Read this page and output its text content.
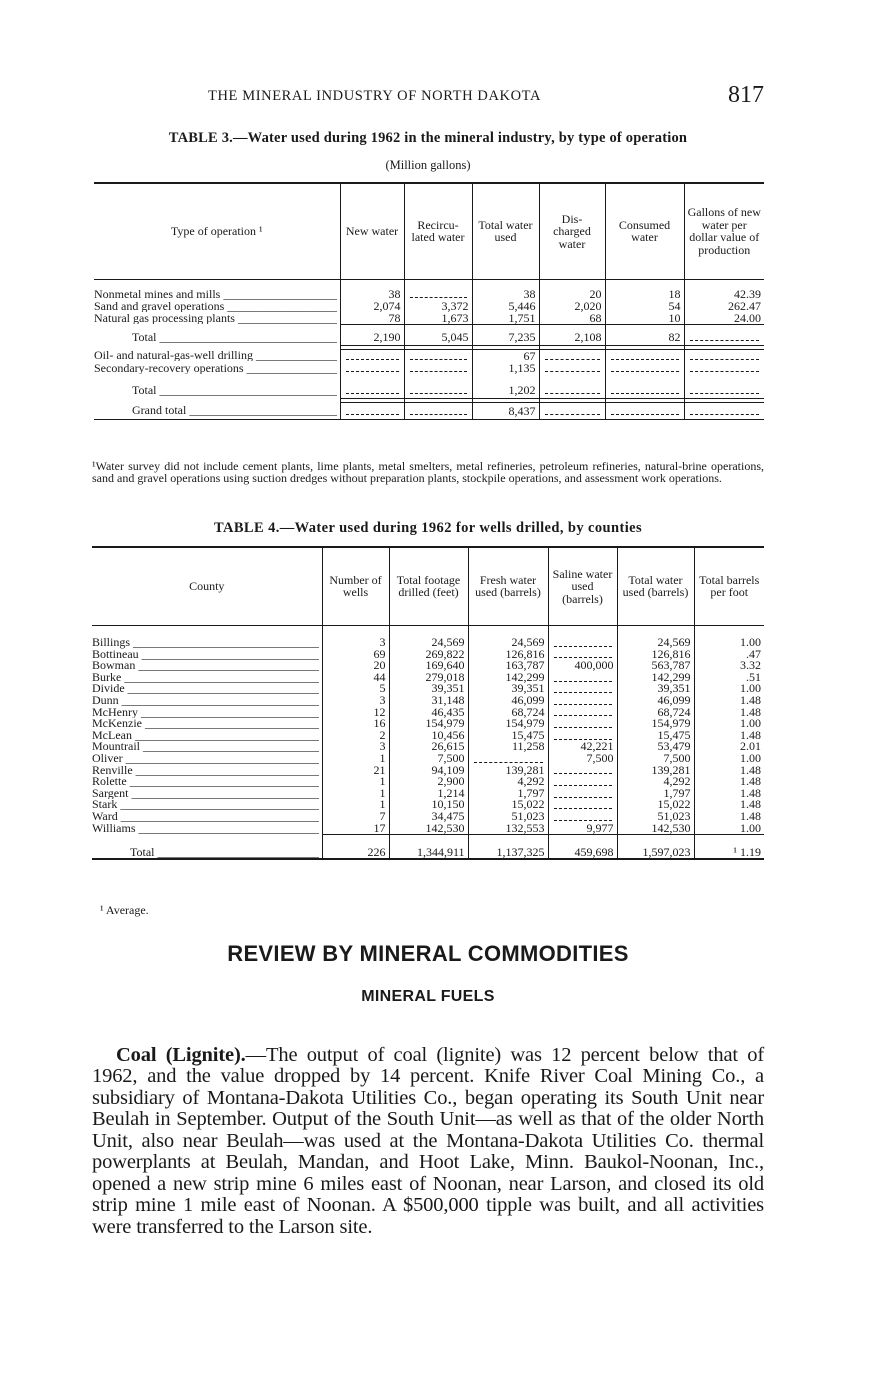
THE MINERAL INDUSTRY OF NORTH DAKOTA	817
TABLE 3.—Water used during 1962 in the mineral industry, by type of operation
(Million gallons)
Type of operation ¹	New water	Recircu- lated water	Total water used	Dis- charged water	Consumed water	Gallons of new water per dollar value of production

Nonmetal mines and mills _____	38		38	20	18	42.39

Sand and gravel operations _____	2,074	3,372	5,446	2,020	54	262.47

Natural gas processing plants _____	78	1,673	1,751	68	10	24.00

Total _____	2,190	5,045	7,235	2,108	82	

Oil- and natural-gas-well drilling _____			67	

Secondary-recovery operations _____			1,135	

Total _____			1,202	

Grand total _____			8,437	

¹Water survey did not include cement plants, lime plants, metal smelters, metal refineries, petroleum refineries, natural-brine operations, sand and gravel operations using suction dredges without preparation plants, stockpile operations, and assessment work operations.
TABLE 4.—Water used during 1962 for wells drilled, by counties
County	Number of wells	Total footage drilled (feet)	Fresh water used (barrels)	Saline water used (barrels)	Total water used (barrels)	Total barrels per foot

Billings _____	3	24,569	24,569		24,569	1.00

Bottineau _____	69	269,822	126,816		126,816	.47

Bowman _____	20	169,640	163,787	400,000	563,787	3.32

Burke _____	44	279,018	142,299		142,299	.51

Divide _____	5	39,351	39,351		39,351	1.00

Dunn _____	3	31,148	46,099		46,099	1.48

McHenry _____	12	46,435	68,724		68,724	1.48

McKenzie _____	16	154,979	154,979		154,979	1.00

McLean _____	2	10,456	15,475		15,475	1.48

Mountrail _____	3	26,615	11,258	42,221	53,479	2.01

Oliver _____	1	7,500		7,500	7,500	1.00

Renville _____	21	94,109	139,281		139,281	1.48

Rolette _____	1	2,900	4,292		4,292	1.48

Sargent _____	1	1,214	1,797		1,797	1.48

Stark _____	1	10,150	15,022		15,022	1.48

Ward _____	7	34,475	51,023		51,023	1.48

Williams _____	17	142,530	132,553	9,977	142,530	1.00

Total _____	226	1,344,911	1,137,325	459,698	1,597,023	¹ 1.19
¹ Average.
REVIEW BY MINERAL COMMODITIES
MINERAL FUELS

Coal (Lignite).—The output of coal (lignite) was 12 percent below that of 1962, and the value dropped by 14 percent. Knife River Coal Mining Co., a subsidiary of Montana-Dakota Utilities Co., began operating its South Unit near Beulah in September. Output of the South Unit—as well as that of the older North Unit, also near Beulah—was used at the Montana-Dakota Utilities Co. thermal powerplants at Beulah, Mandan, and Hoot Lake, Minn. Baukol-Noonan, Inc., opened a new strip mine 6 miles east of Noonan, near Larson, and closed its old strip mine 1 mile east of Noonan. A $500,000 tipple was built, and all activities were transferred to the Larson site.
